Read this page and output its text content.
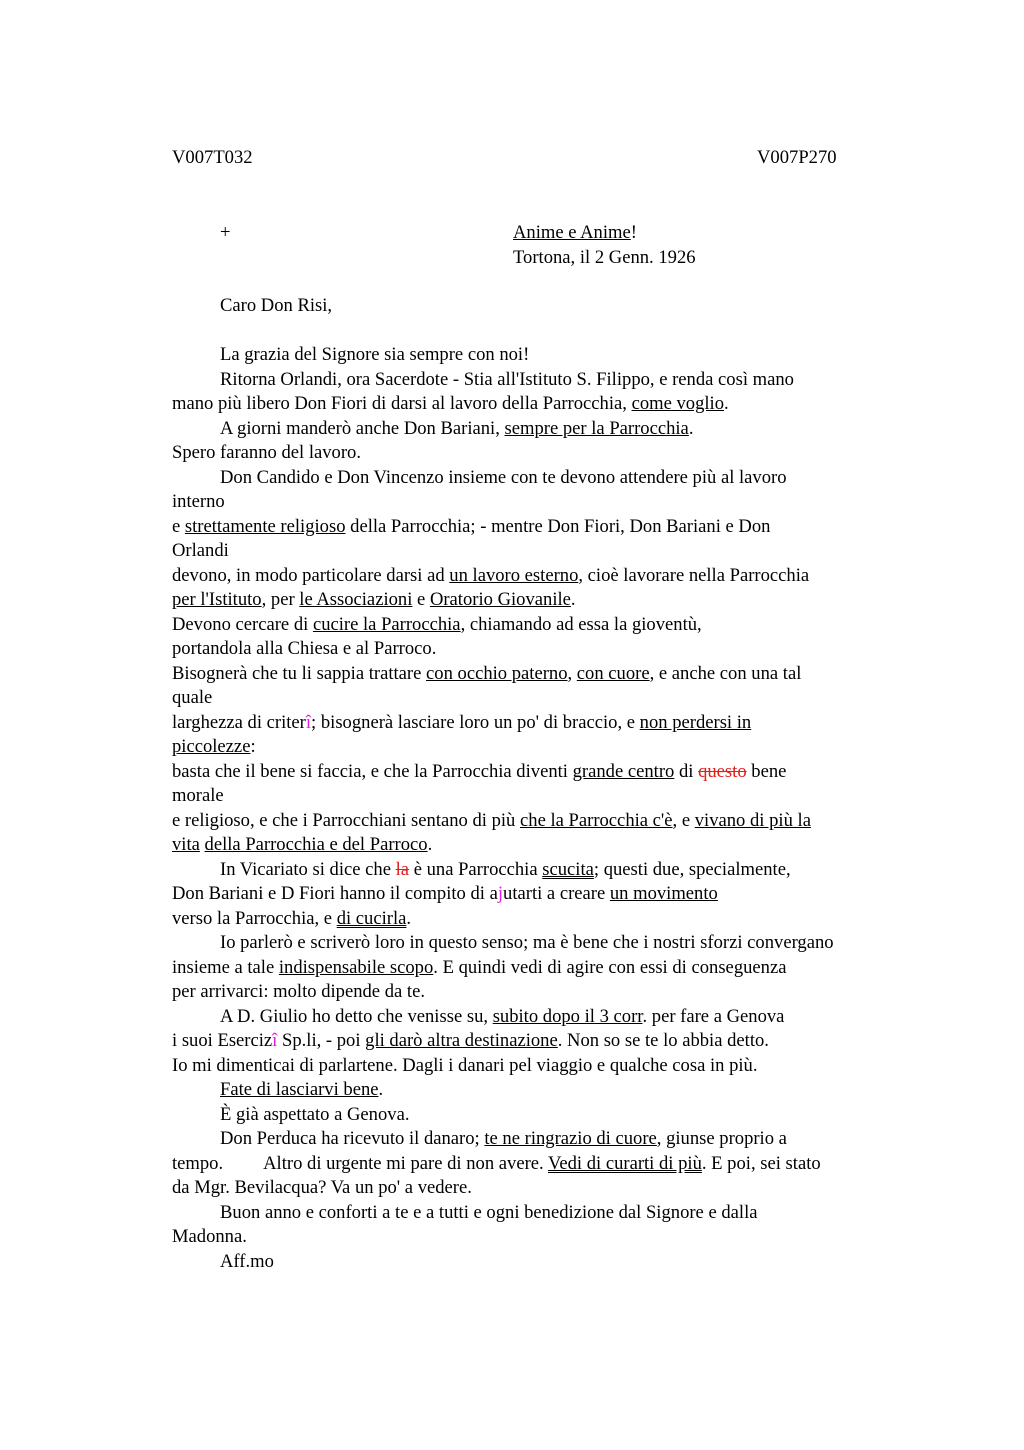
V007T032	V007P270
+	Anime e Anime!
Tortona, il 2 Genn. 1926
Caro Don Risi,
La grazia del Signore sia sempre con noi!
Ritorna Orlandi, ora Sacerdote - Stia all'Istituto S. Filippo, e renda così mano
mano più libero Don Fiori di darsi al lavoro della Parrocchia, come voglio.
A giorni manderò anche Don Bariani, sempre per la Parrocchia.
Spero faranno del lavoro.
Don Candido e Don Vincenzo insieme con te devono attendere più al lavoro
interno
e strettamente religioso della Parrocchia; - mentre Don Fiori, Don Bariani e Don
Orlandi
devono, in modo particolare darsi ad un lavoro esterno, cioè lavorare nella Parrocchia
per l'Istituto, per le Associazioni e Oratorio Giovanile.
Devono cercare di cucire la Parrocchia, chiamando ad essa la gioventù,
portandola alla Chiesa e al Parroco.
Bisognerà che tu li sappia trattare con occhio paterno, con cuore, e anche con una tal
quale
larghezza di criterî; bisognerà lasciare loro un po' di braccio, e non perdersi in
piccolezze:
basta che il bene si faccia, e che la Parrocchia diventi grande centro di questo bene
morale
e religioso, e che i Parrocchiani sentano di più che la Parrocchia c'è, e vivano di più la
vita della Parrocchia e del Parroco.
In Vicariato si dice che la è una Parrocchia scucita; questi due, specialmente,
Don Bariani e D Fiori hanno il compito di ajutarti a creare un movimento
verso la Parrocchia, e di cucirla.
Io parlerò e scriverò loro in questo senso; ma è bene che i nostri sforzi convergano
insieme a tale indispensabile scopo. E quindi vedi di agire con essi di conseguenza
per arrivarci: molto dipende da te.
A D. Giulio ho detto che venisse su, subito dopo il 3 corr. per fare a Genova
i suoi Esercizî Sp.li, - poi gli darò altra destinazione. Non so se te lo abbia detto.
Io mi dimenticai di parlartene. Dagli i danari pel viaggio e qualche cosa in più.
Fate di lasciarvi bene.
È già aspettato a Genova.
Don Perduca ha ricevuto il danaro; te ne ringrazio di cuore, giunse proprio a
tempo. Altro di urgente mi pare di non avere. Vedi di curarti di più. E poi, sei stato
da Mgr. Bevilacqua? Va un po' a vedere.
Buon anno e conforti a te e a tutti e ogni benedizione dal Signore e dalla
Madonna.
Aff.mo
